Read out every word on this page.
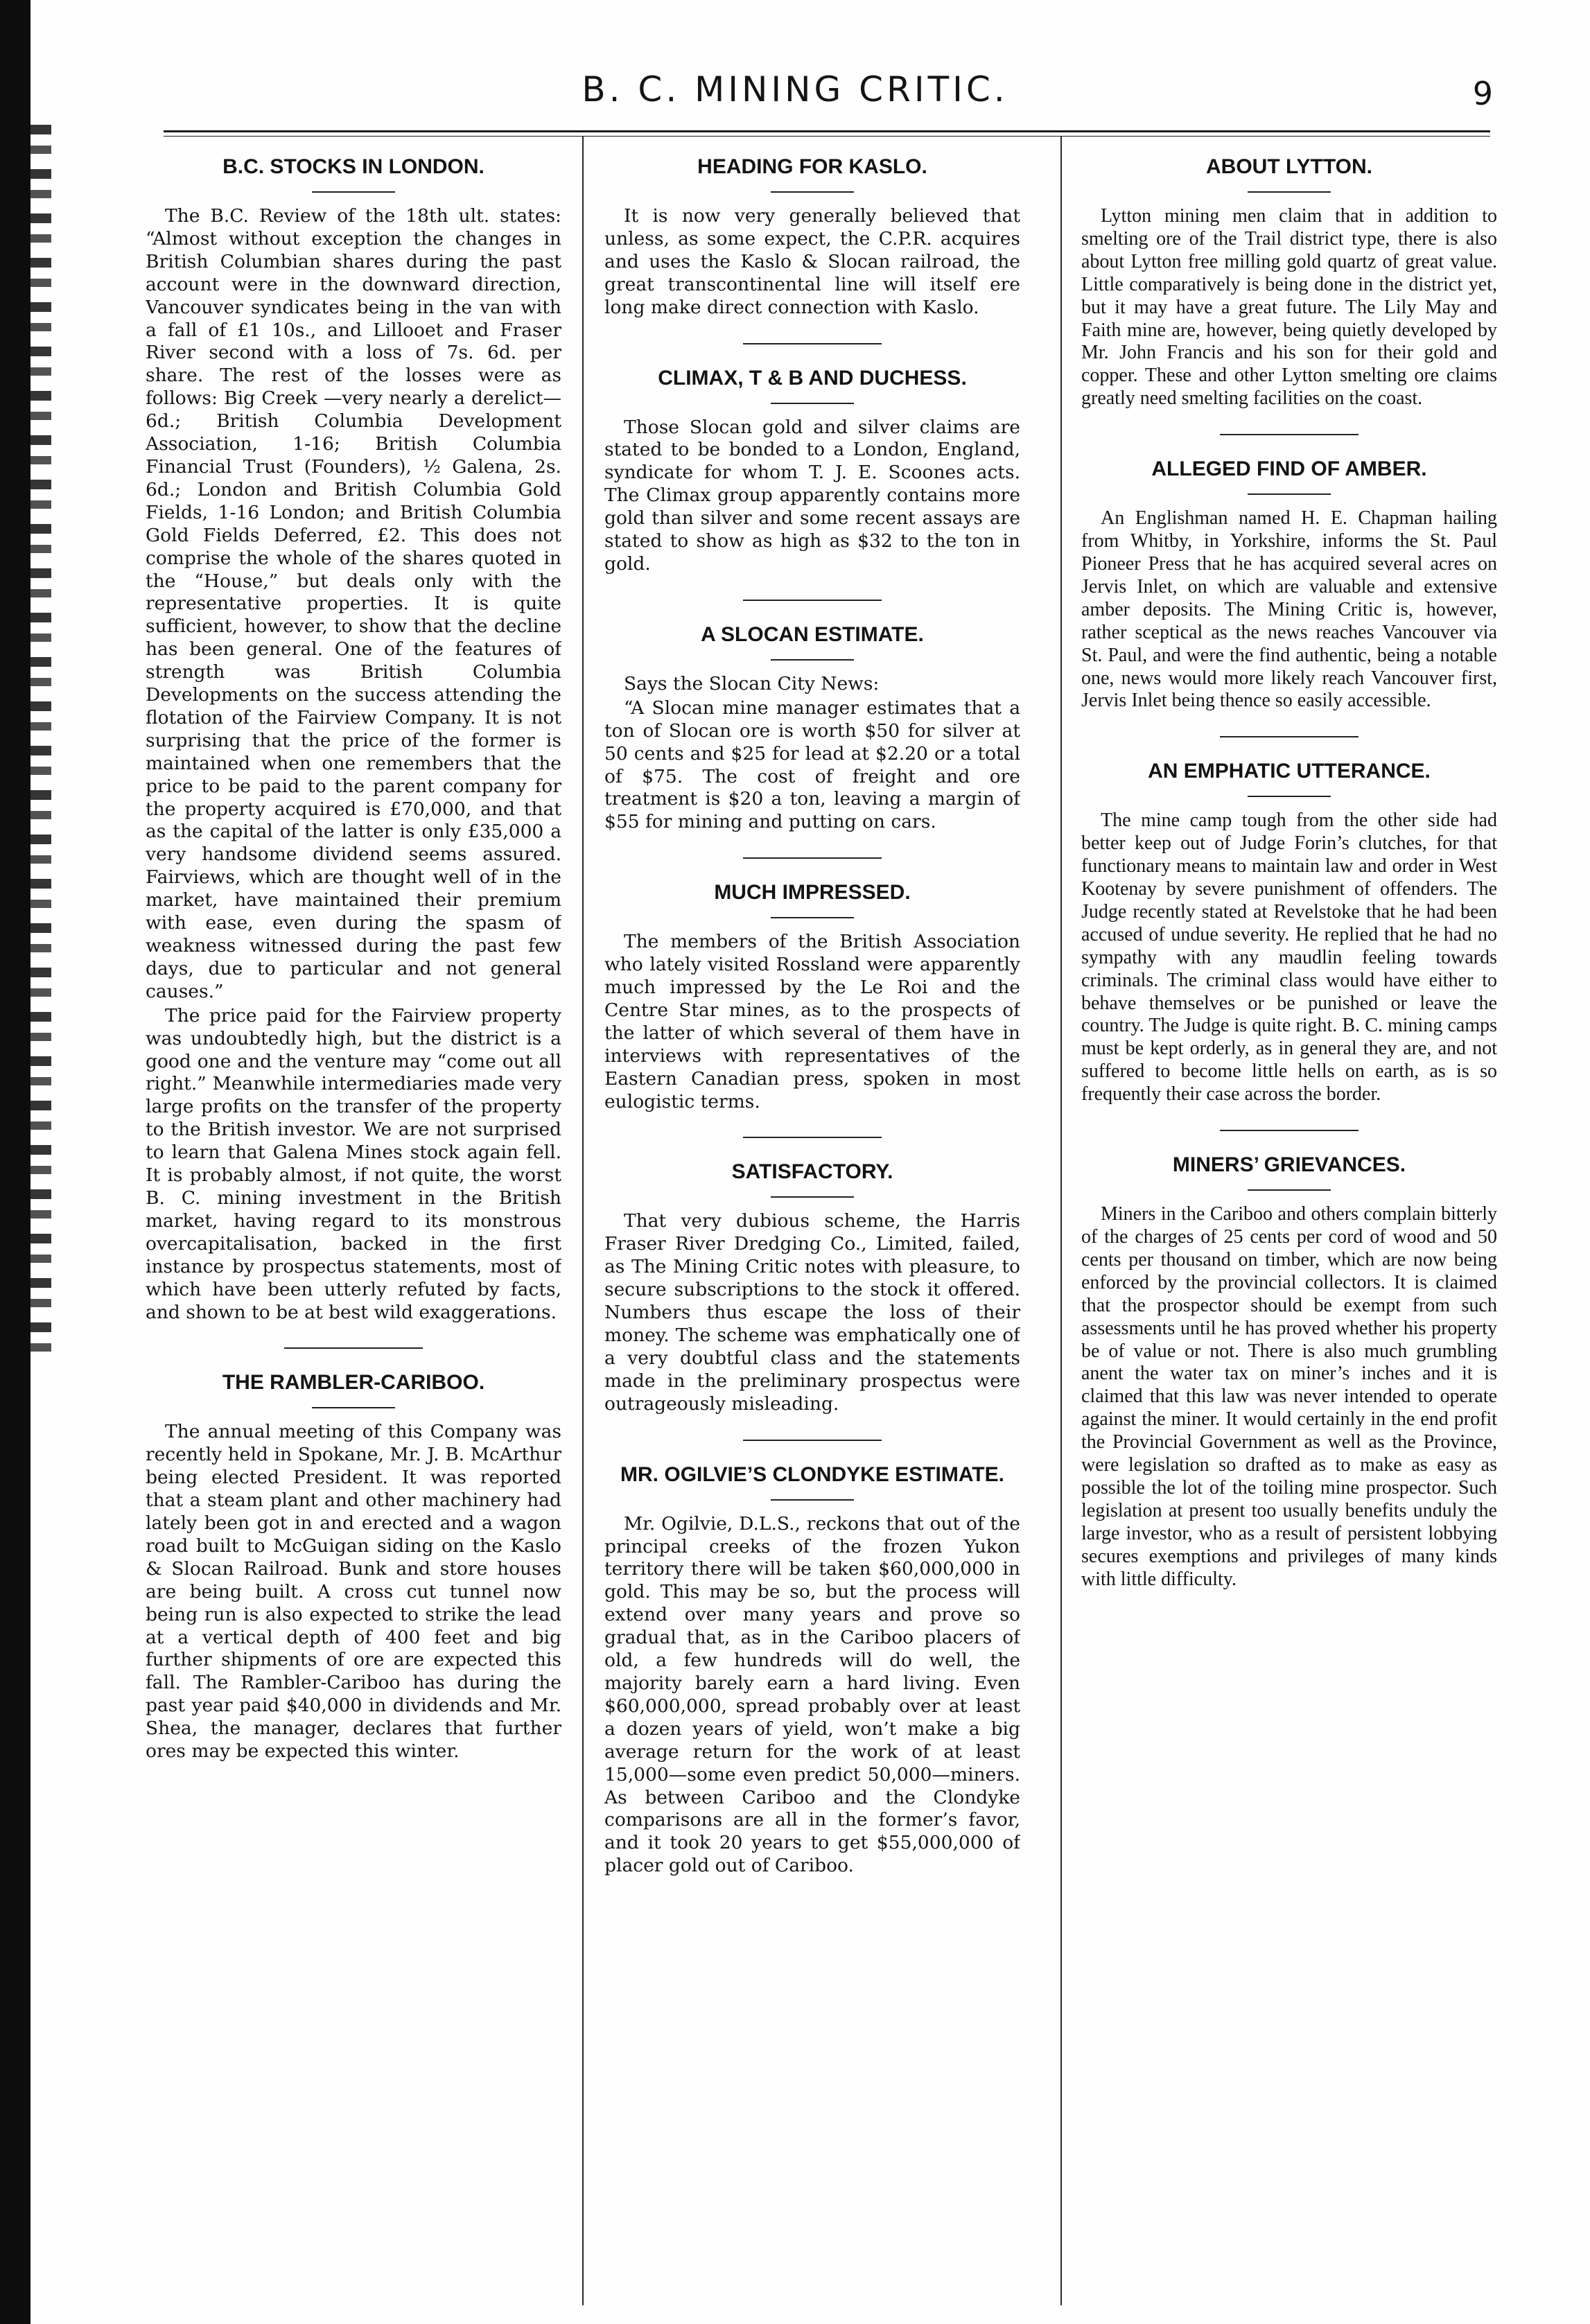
B. C. MINING CRITIC.	9
B.C. STOCKS IN LONDON.

The B.C. Review of the 18th ult. states: “Almost without exception the changes in British Columbian shares during the past account were in the downward direction, Vancouver syndicates being in the van with a fall of £1 10s., and Lillooet and Fraser River second with a loss of 7s. 6d. per share. The rest of the losses were as follows: Big Creek —very nearly a derelict—6d.; British Columbia Development Association, 1-16; British Columbia Financial Trust (Founders), ½ Galena, 2s. 6d.; London and British Columbia Gold Fields, 1-16 London; and British Columbia Gold Fields Deferred, £2. This does not comprise the whole of the shares quoted in the “House,” but deals only with the representative properties. It is quite sufficient, however, to show that the decline has been general. One of the features of strength was British Columbia Developments on the success attending the flotation of the Fairview Company. It is not surprising that the price of the former is maintained when one remembers that the price to be paid to the parent company for the property acquired is £70,000, and that as the capital of the latter is only £35,000 a very handsome dividend seems assured. Fairviews, which are thought well of in the market, have maintained their premium with ease, even during the spasm of weakness witnessed during the past few days, due to particular and not general causes.”

The price paid for the Fairview property was undoubtedly high, but the district is a good one and the venture may “come out all right.” Meanwhile intermediaries made very large profits on the transfer of the property to the British investor. We are not surprised to learn that Galena Mines stock again fell. It is probably almost, if not quite, the worst B. C. mining investment in the British market, having regard to its monstrous overcapitalisation, backed in the first instance by prospectus statements, most of which have been utterly refuted by facts, and shown to be at best wild exaggerations.

THE RAMBLER-CARIBOO.

The annual meeting of this Company was recently held in Spokane, Mr. J. B. McArthur being elected President. It was reported that a steam plant and other machinery had lately been got in and erected and a wagon road built to McGuigan siding on the Kaslo & Slocan Railroad. Bunk and store houses are being built. A cross cut tunnel now being run is also expected to strike the lead at a vertical depth of 400 feet and big further shipments of ore are expected this fall. The Rambler-Cariboo has during the past year paid $40,000 in dividends and Mr. Shea, the manager, declares that further ores may be expected this winter.

HEADING FOR KASLO.

It is now very generally believed that unless, as some expect, the C.P.R. acquires and uses the Kaslo & Slocan railroad, the great transcontinental line will itself ere long make direct connection with Kaslo.

CLIMAX, T & B AND DUCHESS.

Those Slocan gold and silver claims are stated to be bonded to a London, England, syndicate for whom T. J. E. Scoones acts. The Climax group apparently contains more gold than silver and some recent assays are stated to show as high as $32 to the ton in gold.

A SLOCAN ESTIMATE.

Says the Slocan City News:

“A Slocan mine manager estimates that a ton of Slocan ore is worth $50 for silver at 50 cents and $25 for lead at $2.20 or a total of $75. The cost of freight and ore treatment is $20 a ton, leaving a margin of $55 for mining and putting on cars.

MUCH IMPRESSED.

The members of the British Association who lately visited Rossland were apparently much impressed by the Le Roi and the Centre Star mines, as to the prospects of the latter of which several of them have in interviews with representatives of the Eastern Canadian press, spoken in most eulogistic terms.

SATISFACTORY.

That very dubious scheme, the Harris Fraser River Dredging Co., Limited, failed, as The Mining Critic notes with pleasure, to secure subscriptions to the stock it offered. Numbers thus escape the loss of their money. The scheme was emphatically one of a very doubtful class and the statements made in the preliminary prospectus were outrageously misleading.

MR. OGILVIE’S CLONDYKE ESTIMATE.

Mr. Ogilvie, D.L.S., reckons that out of the principal creeks of the frozen Yukon territory there will be taken $60,000,000 in gold. This may be so, but the process will extend over many years and prove so gradual that, as in the Cariboo placers of old, a few hundreds will do well, the majority barely earn a hard living. Even $60,000,000, spread probably over at least a dozen years of yield, won’t make a big average return for the work of at least 15,000—some even predict 50,000—miners. As between Cariboo and the Clondyke comparisons are all in the former’s favor, and it took 20 years to get $55,000,000 of placer gold out of Cariboo.

ABOUT LYTTON.

Lytton mining men claim that in addition to smelting ore of the Trail district type, there is also about Lytton free milling gold quartz of great value. Little comparatively is being done in the district yet, but it may have a great future. The Lily May and Faith mine are, however, being quietly developed by Mr. John Francis and his son for their gold and copper. These and other Lytton smelting ore claims greatly need smelting facilities on the coast.

ALLEGED FIND OF AMBER.

An Englishman named H. E. Chapman hailing from Whitby, in Yorkshire, informs the St. Paul Pioneer Press that he has acquired several acres on Jervis Inlet, on which are valuable and extensive amber deposits. The Mining Critic is, however, rather sceptical as the news reaches Vancouver via St. Paul, and were the find authentic, being a notable one, news would more likely reach Vancouver first, Jervis Inlet being thence so easily accessible.

AN EMPHATIC UTTERANCE.

The mine camp tough from the other side had better keep out of Judge Forin’s clutches, for that functionary means to maintain law and order in West Kootenay by severe punishment of offenders. The Judge recently stated at Revelstoke that he had been accused of undue severity. He replied that he had no sympathy with any maudlin feeling towards criminals. The criminal class would have either to behave themselves or be punished or leave the country. The Judge is quite right. B. C. mining camps must be kept orderly, as in general they are, and not suffered to become little hells on earth, as is so frequently their case across the border.

MINERS’ GRIEVANCES.

Miners in the Cariboo and others complain bitterly of the charges of 25 cents per cord of wood and 50 cents per thousand on timber, which are now being enforced by the provincial collectors. It is claimed that the prospector should be exempt from such assessments until he has proved whether his property be of value or not. There is also much grumbling anent the water tax on miner’s inches and it is claimed that this law was never intended to operate against the miner. It would certainly in the end profit the Provincial Government as well as the Province, were legislation so drafted as to make as easy as possible the lot of the toiling mine prospector. Such legislation at present too usually benefits unduly the large investor, who as a result of persistent lobbying secures exemptions and privileges of many kinds with little difficulty.
